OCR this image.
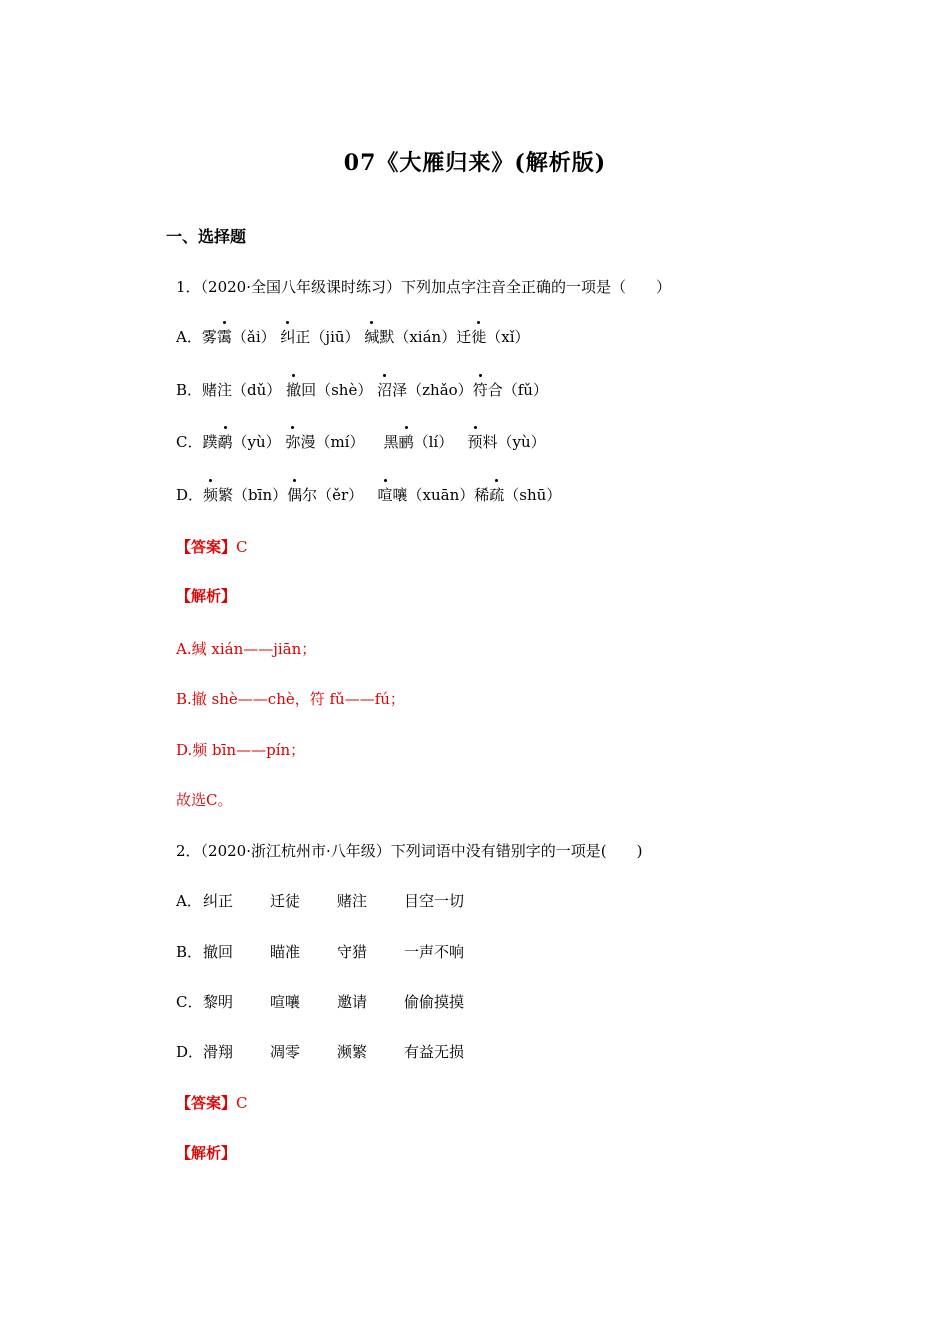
07《大雁归来》(解析版)
一、选择题
1．（2020·全国八年级课时练习）下列加点字注音全正确的一项是（　　）
A．雾霭（ǎi） 纠正（jiū） 缄默（xián）迁徙（xǐ）
B．赌注（dǔ） 撤回（shè） 沼泽（zhǎo）符合（fǔ）
C．蹼鹬（yù） 弥漫（mí） 黑鹂（lí） 预料（yù）
D．频繁（bīn）偶尔（ěr） 喧嚷（xuān）稀疏（shū）
【答案】C
【解析】
A.缄 xián——jiān；
B.撤 shè——chè，符 fǔ——fú；
D.频 bīn——pín；
故选C。
2．（2020·浙江杭州市·八年级）下列词语中没有错别字的一项是(　　)
A．纠正 迁徒 赌注 目空一切
B．撤回 瞄准 守猎 一声不响
C．黎明 喧嚷 邀请 偷偷摸摸
D．滑翔 凋零 濒繁 有益无损
【答案】C
【解析】
